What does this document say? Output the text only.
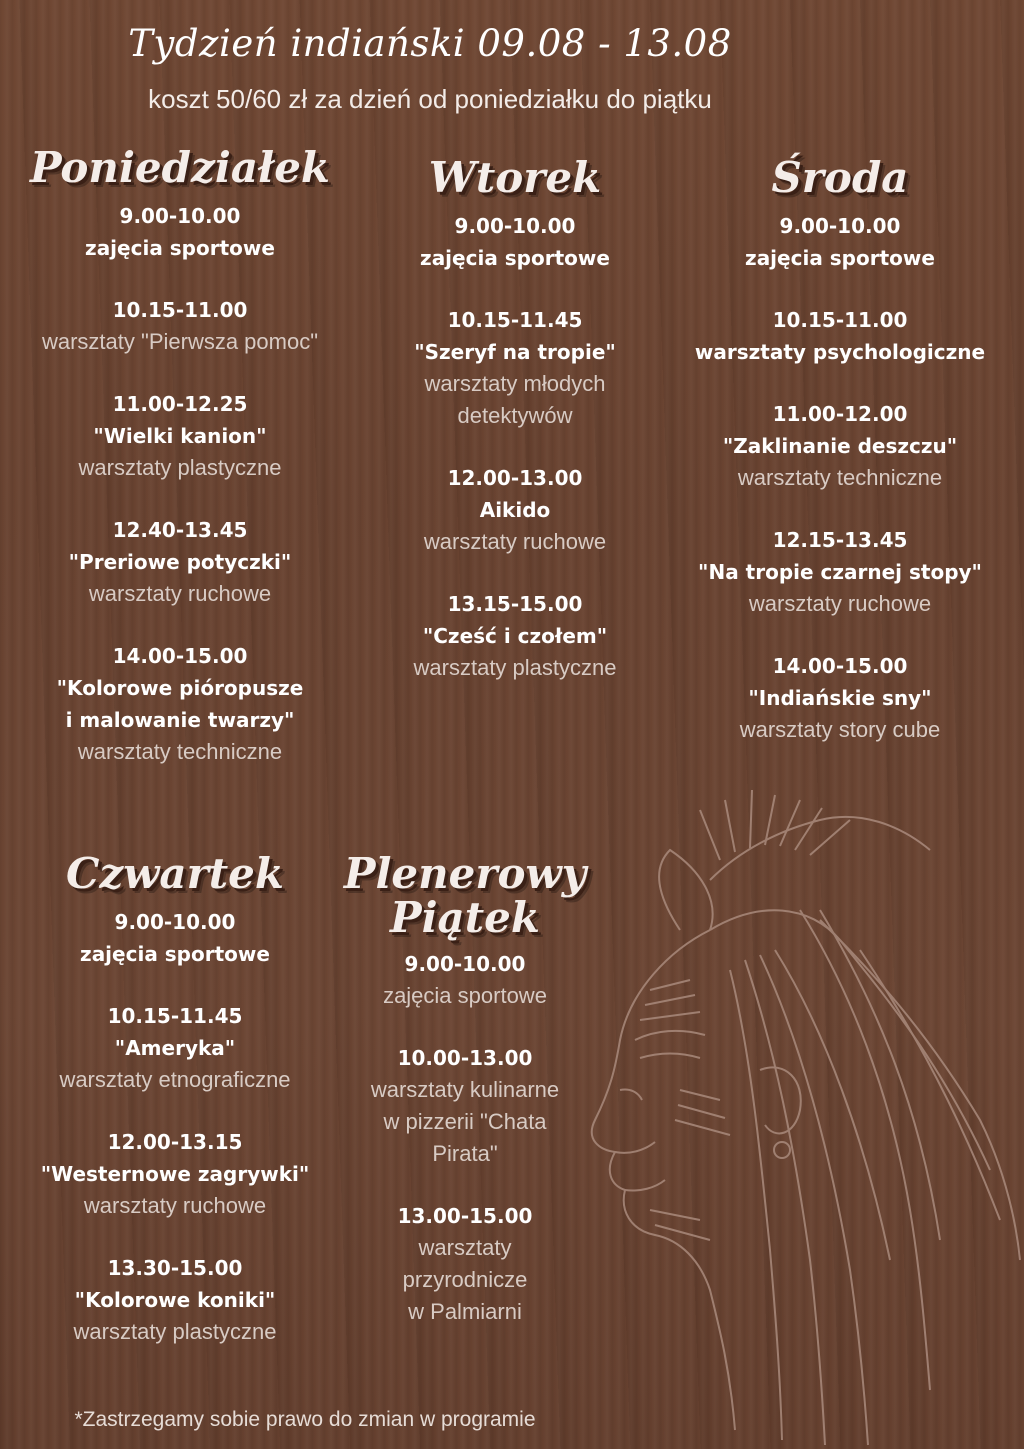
Tydzień indiański 09.08 - 13.08
koszt 50/60 zł za dzień od poniedziałku do piątku
Poniedziałek
9.00-10.00
zajęcia sportowe
10.15-11.00
warsztaty "Pierwsza pomoc"
11.00-12.25
"Wielki kanion"
warsztaty plastyczne
12.40-13.45
"Preriowe potyczki"
warsztaty ruchowe
14.00-15.00
"Kolorowe pióropusze
i malowanie twarzy"
warsztaty techniczne
Wtorek
9.00-10.00
zajęcia sportowe
10.15-11.45
"Szeryf na tropie"
warsztaty młodych
detektywów
12.00-13.00
Aikido
warsztaty ruchowe
13.15-15.00
"Cześć i czołem"
warsztaty plastyczne
Środa
9.00-10.00
zajęcia sportowe
10.15-11.00
warsztaty psychologiczne
11.00-12.00
"Zaklinanie deszczu"
warsztaty techniczne
12.15-13.45
"Na tropie czarnej stopy"
warsztaty ruchowe
14.00-15.00
"Indiańskie sny"
warsztaty story cube
Czwartek
9.00-10.00
zajęcia sportowe
10.15-11.45
"Ameryka"
warsztaty etnograficzne
12.00-13.15
"Westernowe zagrywki"
warsztaty ruchowe
13.30-15.00
"Kolorowe koniki"
warsztaty plastyczne
Plenerowy
Piątek
9.00-10.00
zajęcia sportowe
10.00-13.00
warsztaty kulinarne
w pizzerii "Chata
Pirata"
13.00-15.00
warsztaty
przyrodnicze
w Palmiarni
*Zastrzegamy sobie prawo do zmian w programie
